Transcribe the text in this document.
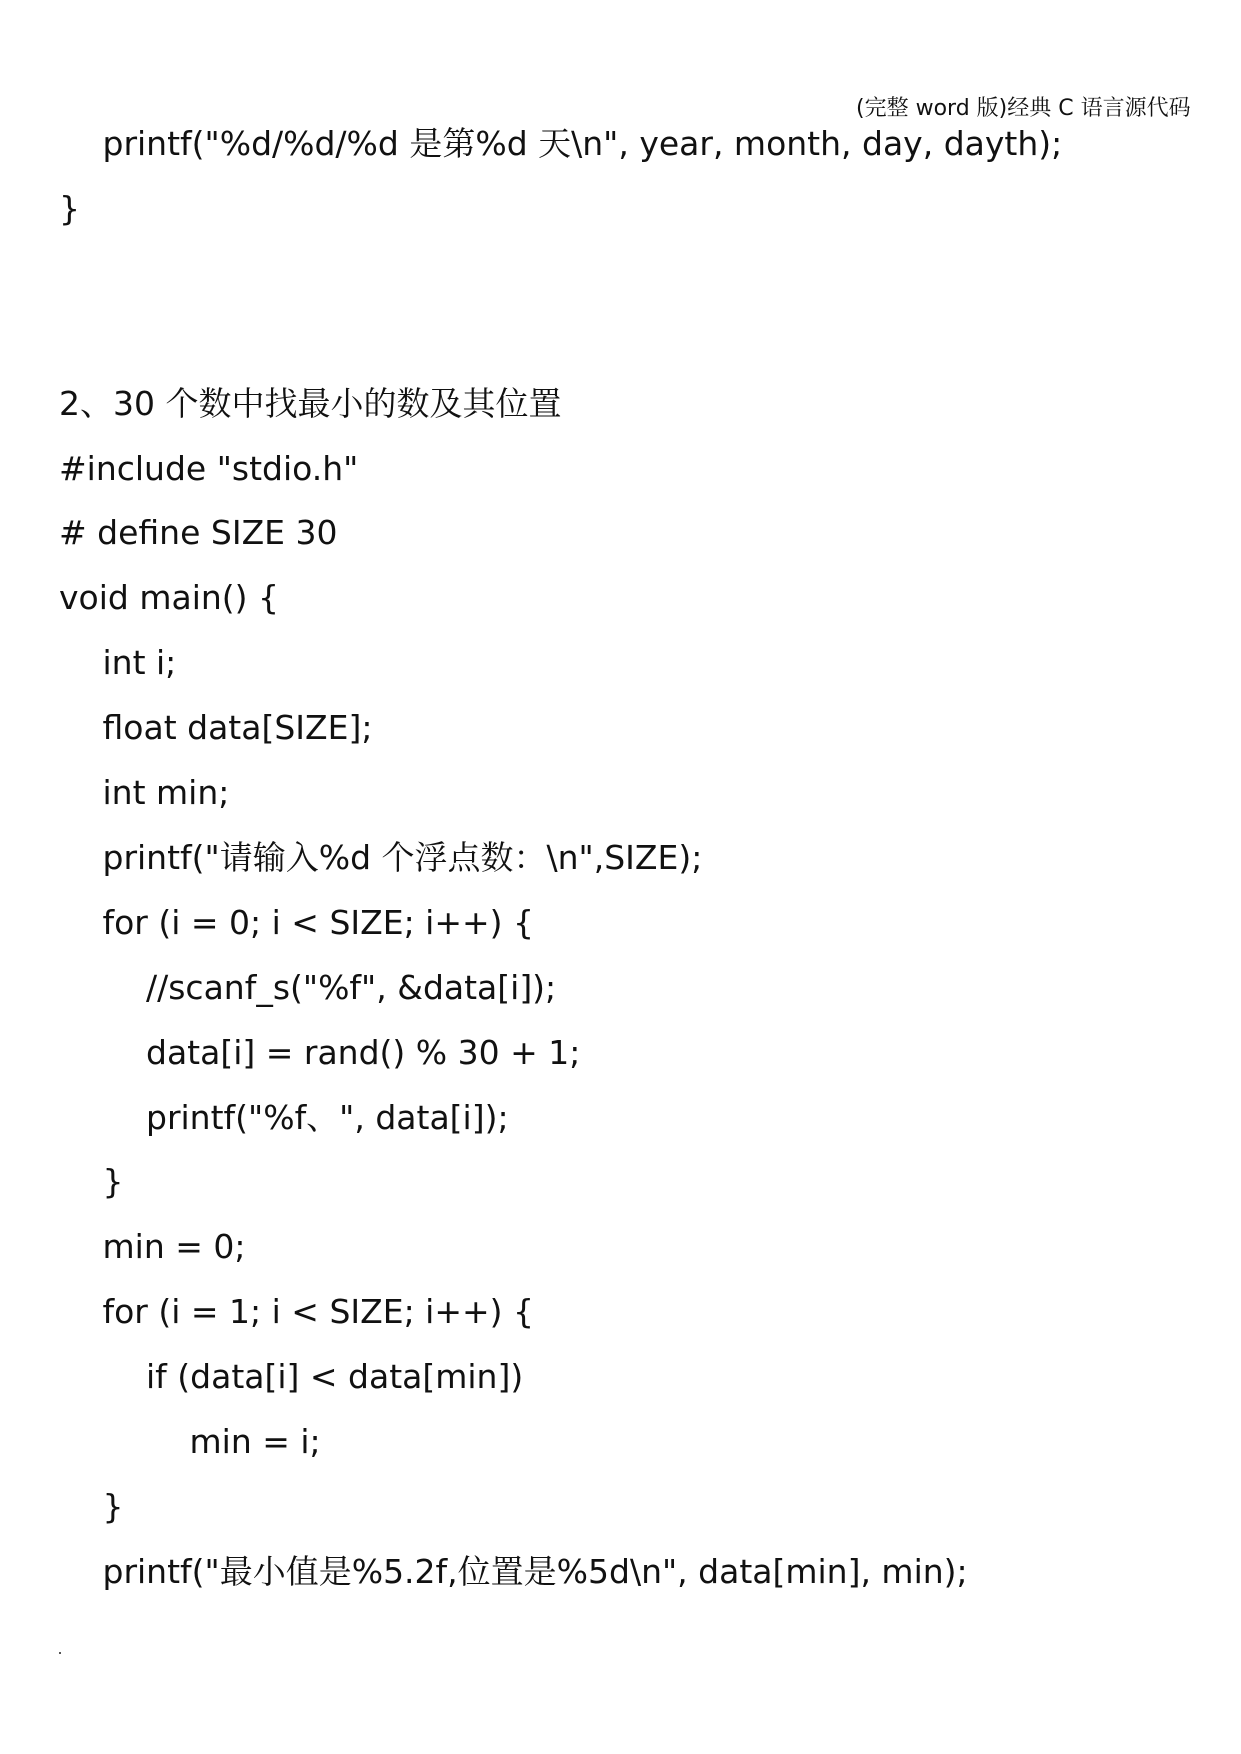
(完整 word 版)经典 C 语言源代码
printf("%d/%d/%d 是第%d 天\n", year, month, day, dayth);
}
2、30 个数中找最小的数及其位置
#include "stdio.h"
# define SIZE 30
void main() {
int i;
float data[SIZE];
int min;
printf("请输入%d 个浮点数：\n",SIZE);
for (i = 0; i < SIZE; i++) {
//scanf_s("%f", &data[i]);
data[i] = rand() % 30 + 1;
printf("%f、", data[i]);
}
min = 0;
for (i = 1; i < SIZE; i++) {
if (data[i] < data[min])
min = i;
}
printf("最小值是%5.2f,位置是%5d\n", data[min], min);
